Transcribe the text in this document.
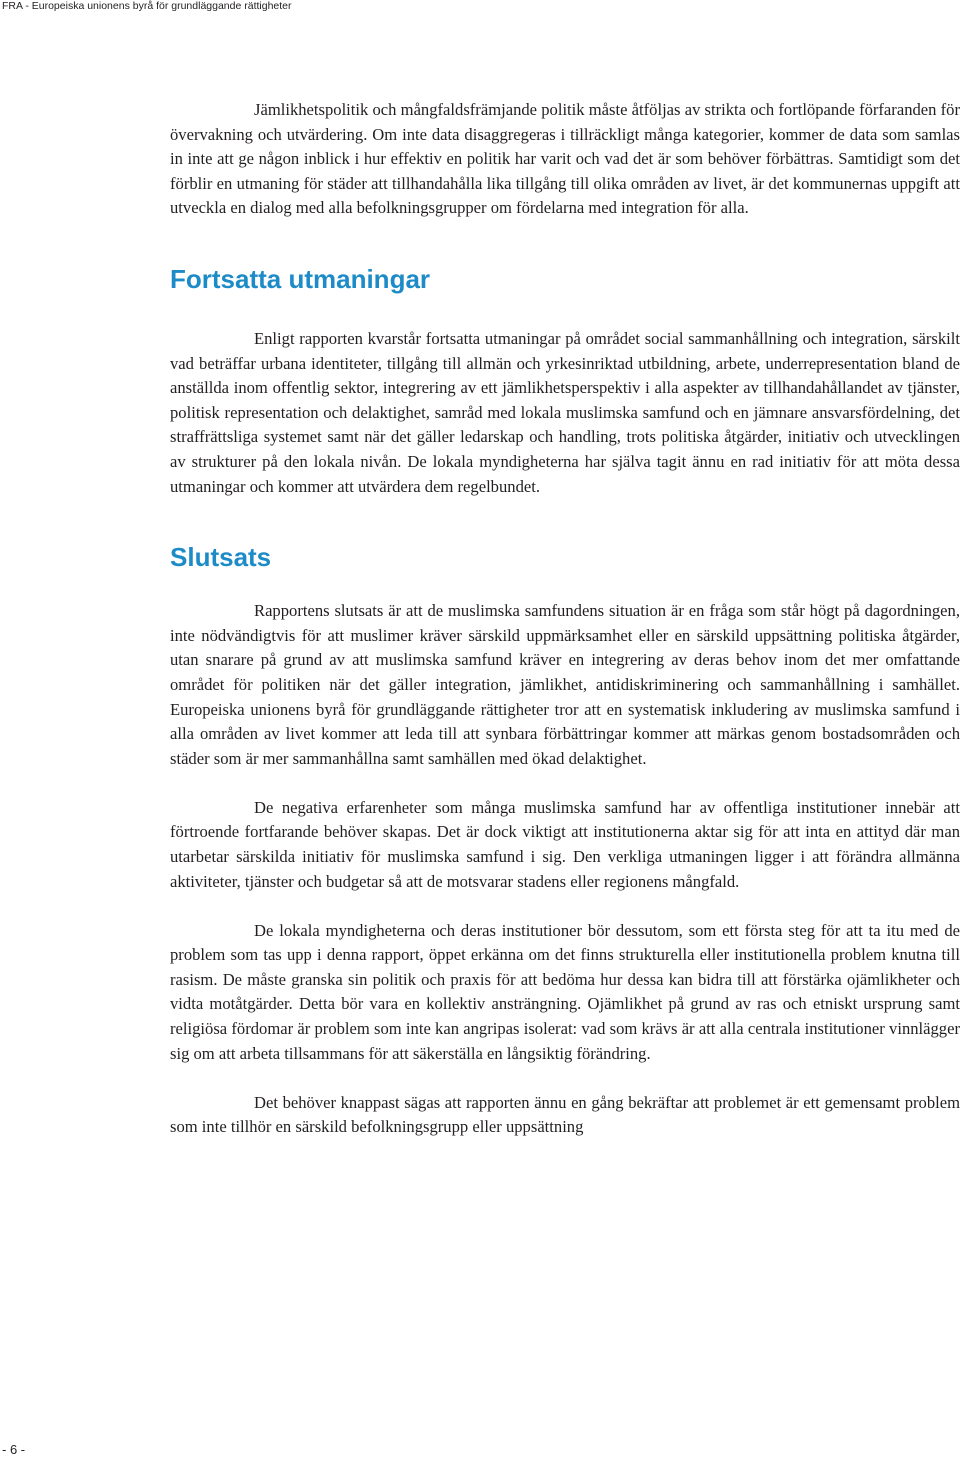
FRA - Europeiska unionens byrå för grundläggande rättigheter

Jämlikhetspolitik och mångfaldsfrämjande politik måste åtföljas av strikta och fortlöpande förfaranden för övervakning och utvärdering. Om inte data disaggregeras i tillräckligt många kategorier, kommer de data som samlas in inte att ge någon inblick i hur effektiv en politik har varit och vad det är som behöver förbättras. Samtidigt som det förblir en utmaning för städer att tillhandahålla lika tillgång till olika områden av livet, är det kommunernas uppgift att utveckla en dialog med alla befolkningsgrupper om fördelarna med integration för alla.

Fortsatta utmaningar

Enligt rapporten kvarstår fortsatta utmaningar på området social sammanhållning och integration, särskilt vad beträffar urbana identiteter, tillgång till allmän och yrkesinriktad utbildning, arbete, underrepresentation bland de anställda inom offentlig sektor, integrering av ett jämlikhetsperspektiv i alla aspekter av tillhandahållandet av tjänster, politisk representation och delaktighet, samråd med lokala muslimska samfund och en jämnare ansvarsfördelning, det straffrättsliga systemet samt när det gäller ledarskap och handling, trots politiska åtgärder, initiativ och utvecklingen av strukturer på den lokala nivån. De lokala myndigheterna har själva tagit ännu en rad initiativ för att möta dessa utmaningar och kommer att utvärdera dem regelbundet.

Slutsats

Rapportens slutsats är att de muslimska samfundens situation är en fråga som står högt på dagordningen, inte nödvändigtvis för att muslimer kräver särskild uppmärksamhet eller en särskild uppsättning politiska åtgärder, utan snarare på grund av att muslimska samfund kräver en integrering av deras behov inom det mer omfattande området för politiken när det gäller integration, jämlikhet, antidiskriminering och sammanhållning i samhället. Europeiska unionens byrå för grundläggande rättigheter tror att en systematisk inkludering av muslimska samfund i alla områden av livet kommer att leda till att synbara förbättringar kommer att märkas genom bostadsområden och städer som är mer sammanhållna samt samhällen med ökad delaktighet.

De negativa erfarenheter som många muslimska samfund har av offentliga institutioner innebär att förtroende fortfarande behöver skapas. Det är dock viktigt att institutionerna aktar sig för att inta en attityd där man utarbetar särskilda initiativ för muslimska samfund i sig. Den verkliga utmaningen ligger i att förändra allmänna aktiviteter, tjänster och budgetar så att de motsvarar stadens eller regionens mångfald.

De lokala myndigheterna och deras institutioner bör dessutom, som ett första steg för att ta itu med de problem som tas upp i denna rapport, öppet erkänna om det finns strukturella eller institutionella problem knutna till rasism. De måste granska sin politik och praxis för att bedöma hur dessa kan bidra till att förstärka ojämlikheter och vidta motåtgärder. Detta bör vara en kollektiv ansträngning. Ojämlikhet på grund av ras och etniskt ursprung samt religiösa fördomar är problem som inte kan angripas isolerat: vad som krävs är att alla centrala institutioner vinnlägger sig om att arbeta tillsammans för att säkerställa en långsiktig förändring.

Det behöver knappast sägas att rapporten ännu en gång bekräftar att problemet är ett gemensamt problem som inte tillhör en särskild befolkningsgrupp eller uppsättning

- 6 -
